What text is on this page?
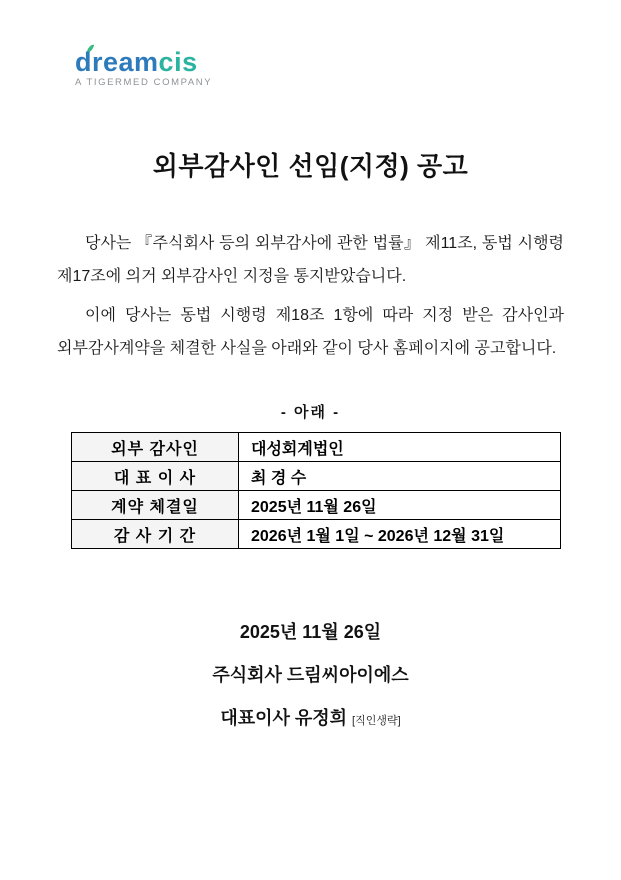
dreamcis
A TIGERMED COMPANY
외부감사인 선임(지정) 공고

당사는 『주식회사 등의 외부감사에 관한 법률』 제11조, 동법 시행령 제17조에 의거 외부감사인 지정을 통지받았습니다.

이에 당사는 동법 시행령 제18조 1항에 따라 지정 받은 감사인과 외부감사계약을 체결한 사실을 아래와 같이 당사 홈페이지에 공고합니다.

- 아래 -
외부 감사인	대성회계법인
대 표 이 사	최 경 수
계약 체결일	2025년 11월 26일
감 사 기 간	2026년 1월 1일 ~ 2026년 12월 31일
2025년 11월 26일
주식회사 드림씨아이에스
대표이사 유정희 [직인생략]
